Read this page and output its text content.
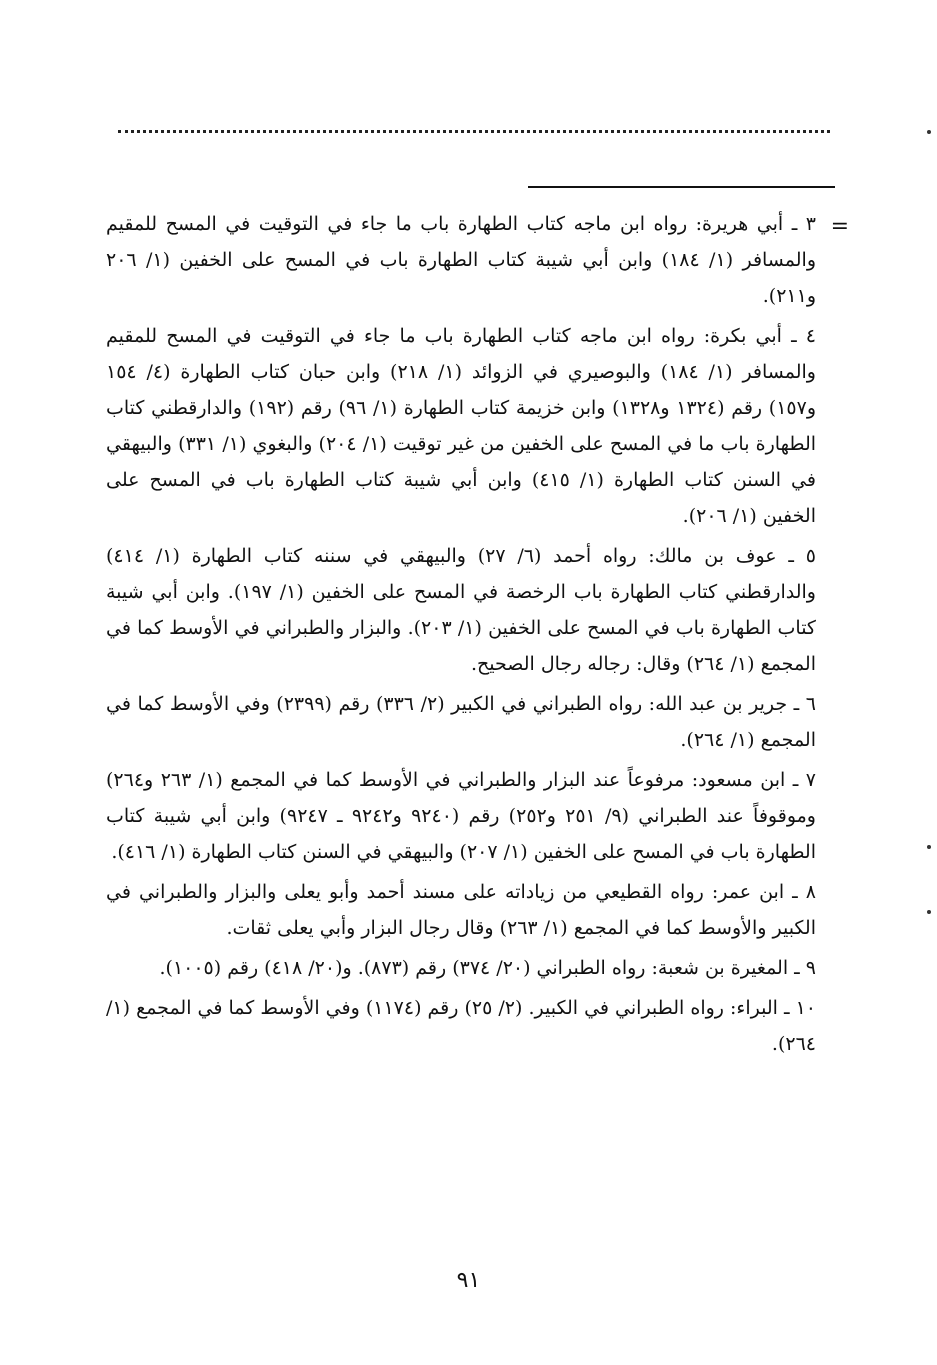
=

٣ ـ أبي هريرة: رواه ابن ماجه كتاب الطهارة باب ما جاء في التوقيت في المسح للمقيم والمسافر (١/ ١٨٤) وابن أبي شيبة كتاب الطهارة باب في المسح على الخفين (١/ ٢٠٦ و٢١١).

٤ ـ أبي بكرة: رواه ابن ماجه كتاب الطهارة باب ما جاء في التوقيت في المسح للمقيم والمسافر (١/ ١٨٤) والبوصيري في الزوائد (١/ ٢١٨) وابن حبان كتاب الطهارة (٤/ ١٥٤ و١٥٧) رقم (١٣٢٤ و١٣٢٨) وابن خزيمة كتاب الطهارة (١/ ٩٦) رقم (١٩٢) والدارقطني كتاب الطهارة باب ما في المسح على الخفين من غير توقيت (١/ ٢٠٤) والبغوي (١/ ٣٣١) والبيهقي في السنن كتاب الطهارة (١/ ٤١٥) وابن أبي شيبة كتاب الطهارة باب في المسح على الخفين (١/ ٢٠٦).

٥ ـ عوف بن مالك: رواه أحمد (٦/ ٢٧) والبيهقي في سننه كتاب الطهارة (١/ ٤١٤) والدارقطني كتاب الطهارة باب الرخصة في المسح على الخفين (١/ ١٩٧). وابن أبي شيبة كتاب الطهارة باب في المسح على الخفين (١/ ٢٠٣). والبزار والطبراني في الأوسط كما في المجمع (١/ ٢٦٤) وقال: رجاله رجال الصحيح.

٦ ـ جرير بن عبد الله: رواه الطبراني في الكبير (٢/ ٣٣٦) رقم (٢٣٩٩) وفي الأوسط كما في المجمع (١/ ٢٦٤).

٧ ـ ابن مسعود: مرفوعاً عند البزار والطبراني في الأوسط كما في المجمع (١/ ٢٦٣ و٢٦٤) وموقوفاً عند الطبراني (٩/ ٢٥١ و٢٥٢) رقم (٩٢٤٠ و٩٢٤٢ ـ ٩٢٤٧) وابن أبي شيبة كتاب الطهارة باب في المسح على الخفين (١/ ٢٠٧) والبيهقي في السنن كتاب الطهارة (١/ ٤١٦).

٨ ـ ابن عمر: رواه القطيعي من زياداته على مسند أحمد وأبو يعلى والبزار والطبراني في الكبير والأوسط كما في المجمع (١/ ٢٦٣) وقال رجال البزار وأبي يعلى ثقات.

٩ ـ المغيرة بن شعبة: رواه الطبراني (٢٠/ ٣٧٤) رقم (٨٧٣). و(٢٠/ ٤١٨) رقم (١٠٠٥).

١٠ ـ البراء: رواه الطبراني في الكبير. (٢/ ٢٥) رقم (١١٧٤) وفي الأوسط كما في المجمع (١/ ٢٦٤).

٩١
